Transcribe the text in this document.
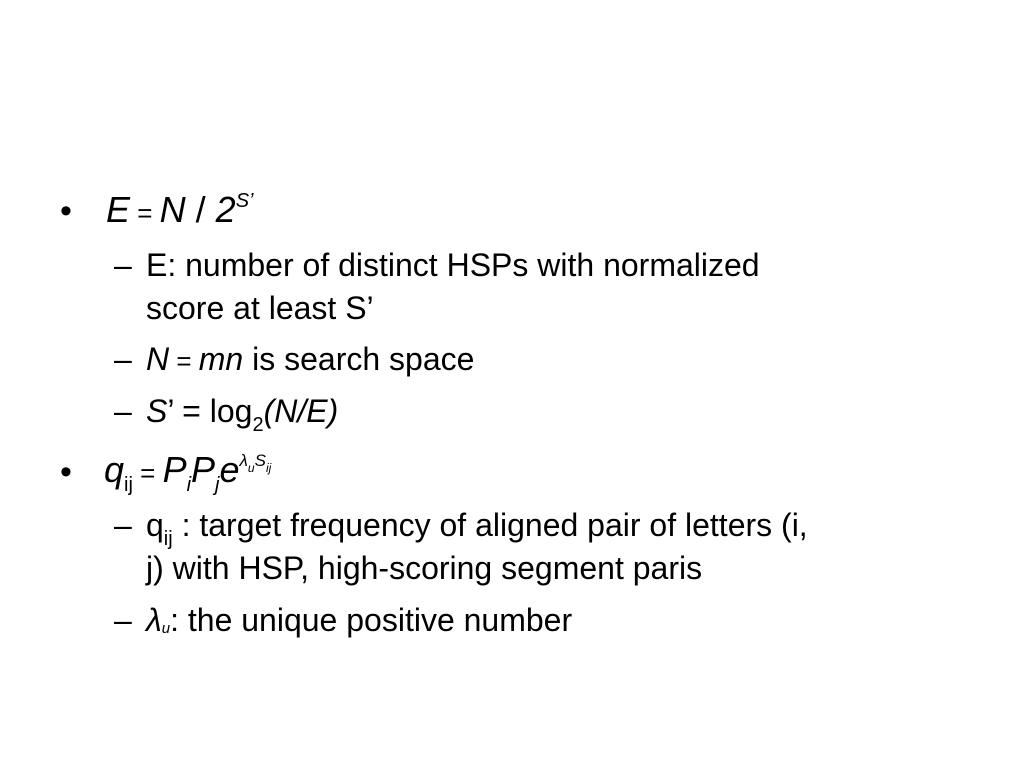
• $E = N / 2^{S’}$
– E: number of distinct HSPs with normalized
score at least S’
– N = mn is search space
– S’ = $\log_2(N/E)$
• $q_{ij} = P_iP_je^{\lambda uSij}$
– $q_{ij}$ : target frequency of aligned pair of letters (i,
j) with HSP, high-scoring segment paris
– λu: the unique positive number
